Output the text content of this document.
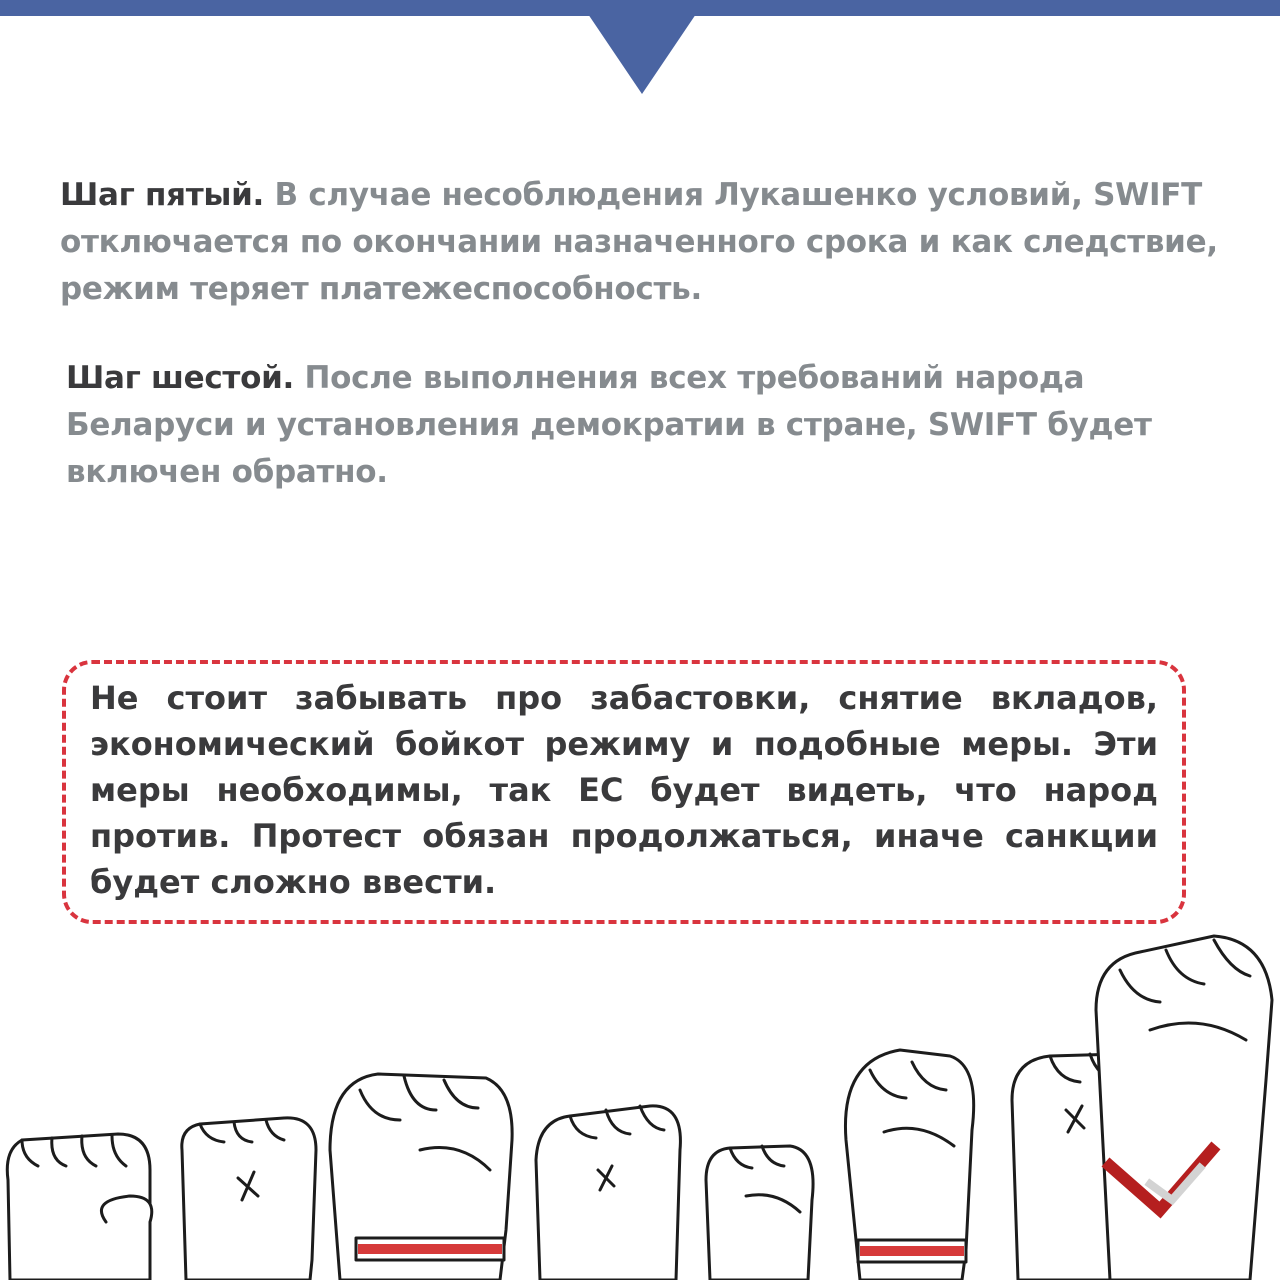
Шаг пятый. В случае несоблюдения Лукашенко условий, SWIFT отключается по окончании назначенного срока и как следствие, режим теряет платежеспособность.

Шаг шестой. После выполнения всех требований народа Беларуси и установления демократии в стране, SWIFT будет включен обратно.

Не стоит забывать про забастовки, снятие вкладов, экономический бойкот режиму и подобные меры. Эти меры необходимы, так ЕС будет видеть, что народ против. Протест обязан продолжаться, иначе санкции будет сложно ввести.
